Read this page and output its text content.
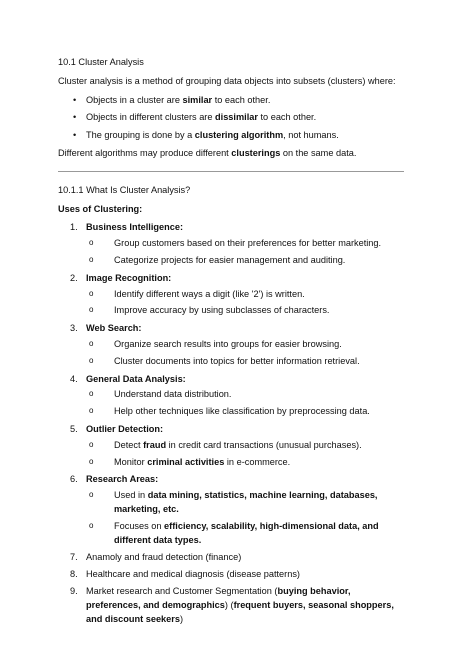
10.1 Cluster Analysis

Cluster analysis is a method of grouping data objects into subsets (clusters) where:

• Objects in a cluster are similar to each other.
• Objects in different clusters are dissimilar to each other.
• The grouping is done by a clustering algorithm, not humans.

Different algorithms may produce different clusterings on the same data.

10.1.1 What Is Cluster Analysis?
Uses of Clustering:
1. Business Intelligence:
o Group customers based on their preferences for better marketing.
o Categorize projects for easier management and auditing.
2. Image Recognition:
o Identify different ways a digit (like '2') is written.
o Improve accuracy by using subclasses of characters.
3. Web Search:
o Organize search results into groups for easier browsing.
o Cluster documents into topics for better information retrieval.
4. General Data Analysis:
o Understand data distribution.
o Help other techniques like classification by preprocessing data.
5. Outlier Detection:
o Detect fraud in credit card transactions (unusual purchases).
o Monitor criminal activities in e-commerce.
6. Research Areas:
o Used in data mining, statistics, machine learning, databases, marketing, etc.
o Focuses on efficiency, scalability, high-dimensional data, and different data types.
7. Anamoly and fraud detection (finance)
8. Healthcare and medical diagnosis (disease patterns)
9. Market research and Customer Segmentation (buying behavior, preferences, and demographics) (frequent buyers, seasonal shoppers, and discount seekers)
